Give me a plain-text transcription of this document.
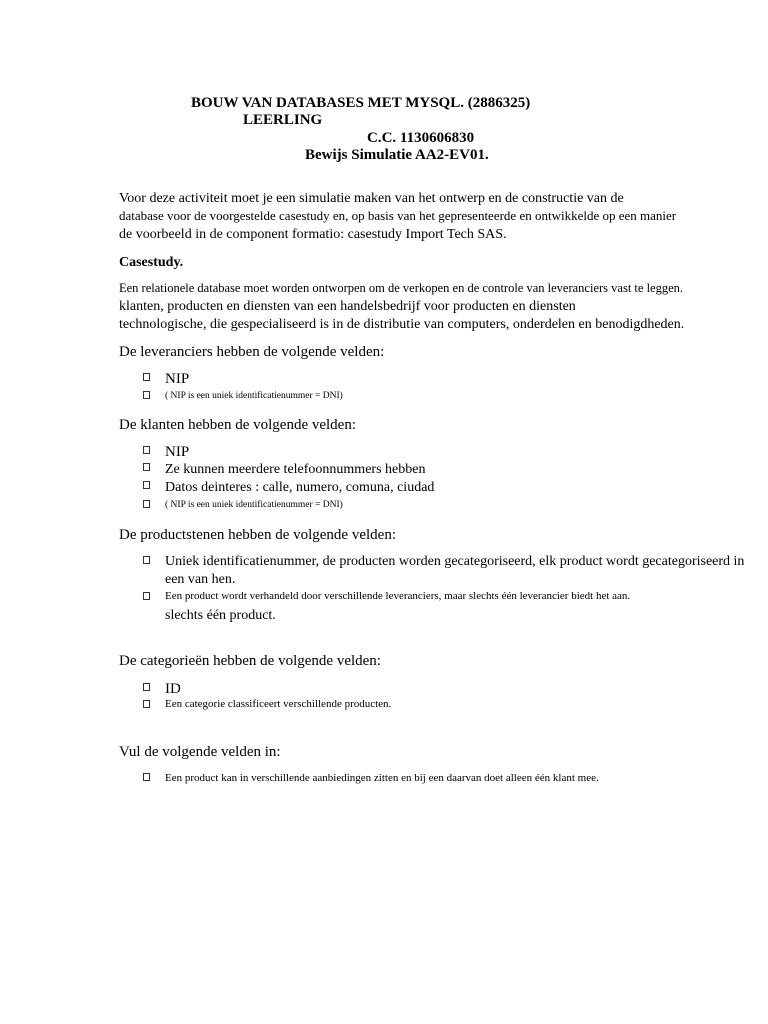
BOUW VAN DATABASES MET MYSQL. (2886325)
LEERLING
C.C. 1130606830
Bewijs Simulatie AA2-EV01.
Voor deze activiteit moet je een simulatie maken van het ontwerp en de constructie van de
database voor de voorgestelde casestudy en, op basis van het gepresenteerde en ontwikkelde op een manier
de voorbeeld in de component formatio: casestudy Import Tech SAS.
Casestudy.
Een relationele database moet worden ontworpen om de verkopen en de controle van leveranciers vast te leggen.
klanten, producten en diensten van een handelsbedrijf voor producten en diensten
technologische, die gespecialiseerd is in de distributie van computers, onderdelen en benodigdheden.
De leveranciers hebben de volgende velden:
NIP
( NIP is een uniek identificatienummer = DNI)
De klanten hebben de volgende velden:
NIP
Ze kunnen meerdere telefoonnummers hebben
Datos deinteres : calle, numero, comuna, ciudad
( NIP is een uniek identificatienummer = DNI)
De productstenen hebben de volgende velden:
Uniek identificatienummer, de producten worden gecategoriseerd, elk product wordt gecategoriseerd in
een van hen.
Een product wordt verhandeld door verschillende leveranciers, maar slechts één leverancier biedt het aan.
slechts één product.
De categorieën hebben de volgende velden:
ID
Een categorie classificeert verschillende producten.
Vul de volgende velden in:
Een product kan in verschillende aanbiedingen zitten en bij een daarvan doet alleen één klant mee.
